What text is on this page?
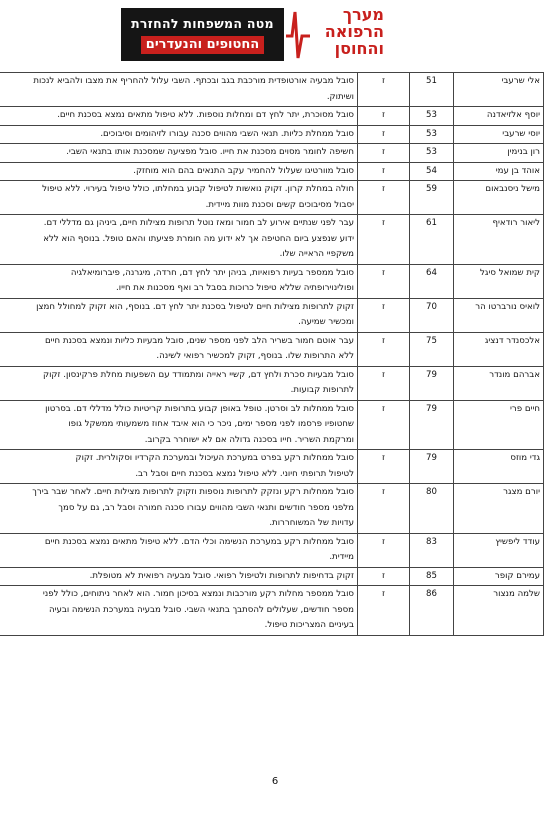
מטה המשפחות להחזרת
החטופים והנעדרים
מערך
הרפואה
והחוסן
אלי שרעבי	51	ז	סובל מבעיה אורטופדית מורכבת בגב ובכתף. השבי עלול להחריף את מצבו ולהביא לנכות
ושיתוק.

יוסף אלזיאדנה	53	ז	סובל מסוכרת, יתר לחץ דם ומחלות נוספות. ללא טיפול מתאים נמצא בסכנת חיים.

יוסי שרעבי	53	ז	סובל ממחלת כליות. תנאי השבי מהווים סכנה עבורו לזיהומים וסיבוכים.

רון בנימין	53	ז	חשיפה לחומר מסוים מסכנת את חייו. סובל מפציעה שמסכנת אותו בתנאי השבי.

אוהד בן עמי	54	ז	סובל מוורטיגו שעלול להחמיר עקב התנאים בהם הוא מוחזק.

מישל ניסנבאום	59	ז	חולה במחלת קרון. זקוק נואשות לטיפול קבוע במחלתו, כולל טיפול בעירוי. ללא טיפול
יסבול מסיבוכים קשים וסכנת מוות מיידית.

ליאור רודאיף	61	ז	עבר לפני שנתיים אירוע לב חמור ומאז נוטל תרופות מצילות חיים, ביניהן גם מדללי דם.
ידוע שנפצע ביום החטיפה אך לא ידוע מה חומרת פציעתו והאם טופל. בנוסף הוא ללא
משקפיי הראייה שלו.

קית שמואל סיגל	64	ז	סובל ממספר בעיות רפואיות, בניהן יתר לחץ דם, חרדה, מיגרנה, פיברומיאלגיה
ופולינוירופתיה שללא טיפול כרוכות בסבל רב ואף מסכנות את חייו.

לואיס נורברטו הר	70	ז	זקוק לתרופות מצילות חיים לטיפול בסכנת יתר לחץ דם. בנוסף, הוא זקוק למחולל חמצן
ומכשיר שמיעה.

אלכסנדר דנציג	75	ז	עבר אוטם חמור בשריר הלב לפני מספר שנים, סובל מבעיות כליות ונמצא בסכנת חיים
ללא התרופות שלו. בנוסף, זקוק למכשיר רפואי לשינה.

אברהם מונדר	79	ז	סובל מבעיות סכרת ולחץ דם, קשיי ראייה ומתמודד עם השפעות מחלת פרקינסון. זקוק
לתרופות קבועות.

חיים פרי	79	ז	סובל ממחלות לב וסרטן. טופל באופן קבוע בתרופות קריטיות כולל מדללי דם. בסרטון
שחטופיו פרסמו לפני מספר ימים, ניכר כי הוא איבד אחוז משמעותי ממשקל גופו
ומרקמת השריר. חייו בסכנה גדולה אם לא ישוחרר בקרוב.

גדי מוזס	79	ז	סובל ממחלות רקע בפרט במערכת העיכול ובמערכת הקרדיו וסקולרית. זקוק
לטיפול תרופתי חיוני. ללא טיפול נמצא בסכנת חיים וסבל רב.

יורם מצגר	80	ז	סובל ממחלות רקע ונזקק לתרופות נוספות וזקוק לתרופות מצילות חיים. לאחר שבר בירך
מלפני מספר חודשים ותנאי השבי מהווים עבורו סכנה חמורה וסבל רב, גם על סמך
עדויות של המשוחררות.

עודד ליפשיץ	83	ז	סובל ממחלות רקע במערכת הנשימה וכלי הדם. ללא טיפול מתאים נמצא בסכנת חיים
מיידית.

עמירם קופר	85	ז	זקוק בדחיפות לתרופות ולטיפול רפואי. סובל מבעיה רפואית לא מטופלת.

שלמה מנצור	86	ז	סובל ממספר מחלות רקע מורכבות ונמצא בסיכון חמור. הוא לאחר ניתוחים, כולל לפני
מספר חודשים, שעלולים להסתבך בתנאי השבי. סובל מבעיה במערכת הנשימה ובעיה
בעיניים המצריכות טיפול.
6
